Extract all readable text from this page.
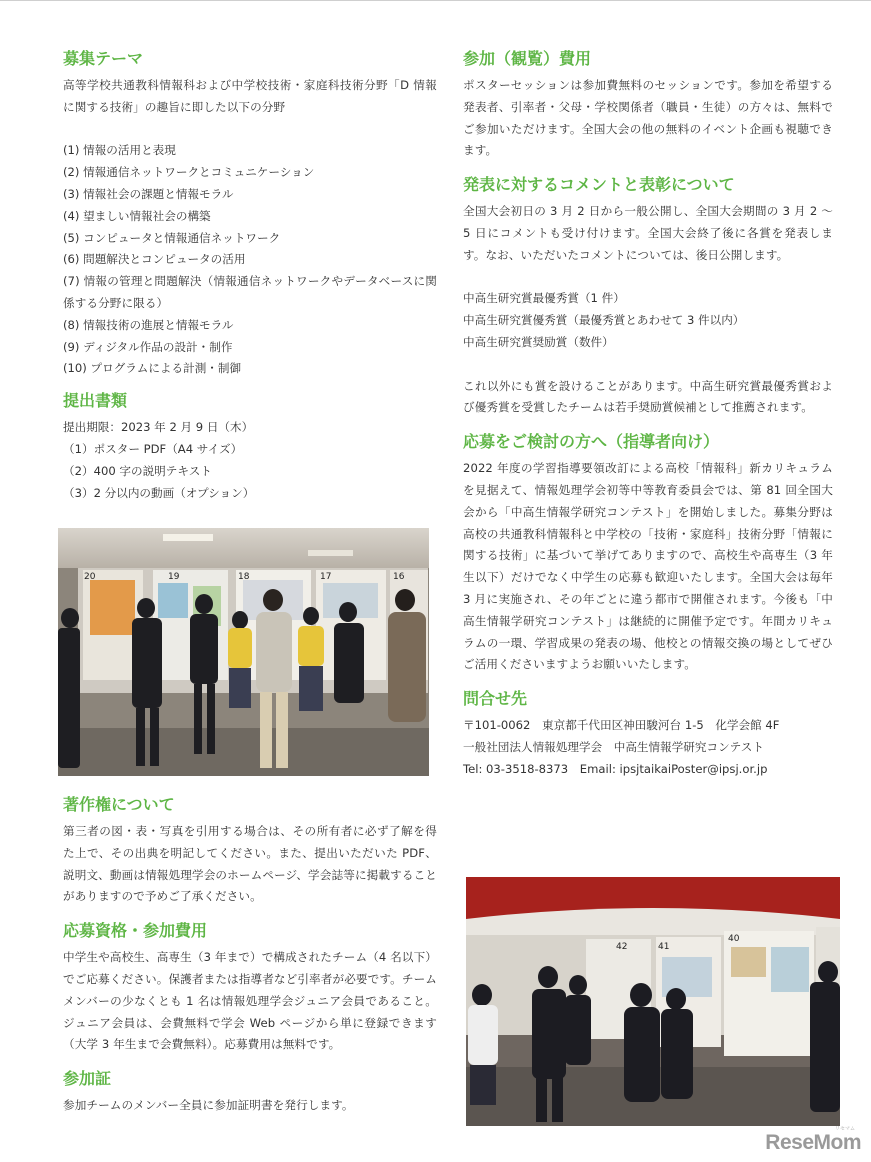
募集テーマ

高等学校共通教科情報科および中学校技術・家庭科技術分野「D 情報に関する技術」の趣旨に即した以下の分野

(1) 情報の活用と表現

(2) 情報通信ネットワークとコミュニケーション

(3) 情報社会の課題と情報モラル

(4) 望ましい情報社会の構築

(5) コンピュータと情報通信ネットワーク

(6) 問題解決とコンピュータの活用

(7) 情報の管理と問題解決（情報通信ネットワークやデータベースに関係する分野に限る）

(8) 情報技術の進展と情報モラル

(9) ディジタル作品の設計・制作

(10) プログラムによる計測・制御

提出書類

提出期限：2023 年 2 月 9 日（木）

（1）ポスター PDF（A4 サイズ）

（2）400 字の説明テキスト

（3）2 分以内の動画（オプション）

20	19	18	17	16
著作権について

第三者の図・表・写真を引用する場合は、その所有者に必ず了解を得た上で、その出典を明記してください。また、提出いただいた PDF、説明文、動画は情報処理学会のホームページ、学会誌等に掲載することがありますので予めご了承ください。

応募資格・参加費用

中学生や高校生、高専生（3 年まで）で構成されたチーム（4 名以下）でご応募ください。保護者または指導者など引率者が必要です。チームメンバーの少なくとも 1 名は情報処理学会ジュニア会員であること。ジュニア会員は、会費無料で学会 Web ページから単に登録できます（大学 3 年生まで会費無料）。応募費用は無料です。

参加証

参加チームのメンバー全員に参加証明書を発行します。

参加（観覧）費用

ポスターセッションは参加費無料のセッションです。参加を希望する発表者、引率者・父母・学校関係者（職員・生徒）の方々は、無料でご参加いただけます。全国大会の他の無料のイベント企画も視聴できます。

発表に対するコメントと表彰について

全国大会初日の 3 月 2 日から一般公開し、全国大会期間の 3 月 2 〜5 日にコメントも受け付けます。全国大会終了後に各賞を発表します。なお、いただいたコメントについては、後日公開します。

中高生研究賞最優秀賞（1 件）

中高生研究賞優秀賞（最優秀賞とあわせて 3 件以内）

中高生研究賞奨励賞（数件）

これ以外にも賞を設けることがあります。中高生研究賞最優秀賞および優秀賞を受賞したチームは若手奨励賞候補として推薦されます。

応募をご検討の方へ（指導者向け）

2022 年度の学習指導要領改訂による高校「情報科」新カリキュラムを見据えて、情報処理学会初等中等教育委員会では、第 81 回全国大会から「中高生情報学研究コンテスト」を開始しました。募集分野は高校の共通教科情報科と中学校の「技術・家庭科」技術分野「情報に関する技術」に基づいて挙げてありますので、高校生や高専生（3 年生以下）だけでなく中学生の応募も歓迎いたします。全国大会は毎年 3 月に実施され、その年ごとに違う都市で開催されます。今後も「中高生情報学研究コンテスト」は継続的に開催予定です。年間カリキュラムの一環、学習成果の発表の場、他校との情報交換の場としてぜひご活用くださいますようお願いいたします。

問合せ先

〒101-0062　東京都千代田区神田駿河台 1-5　化学会館 4F

一般社団法人情報処理学会　中高生情報学研究コンテスト

Tel: 03-3518-8373　Email: ipsjtaikaiPoster@ipsj.or.jp

42	41
40
ReseMom
リセマム
